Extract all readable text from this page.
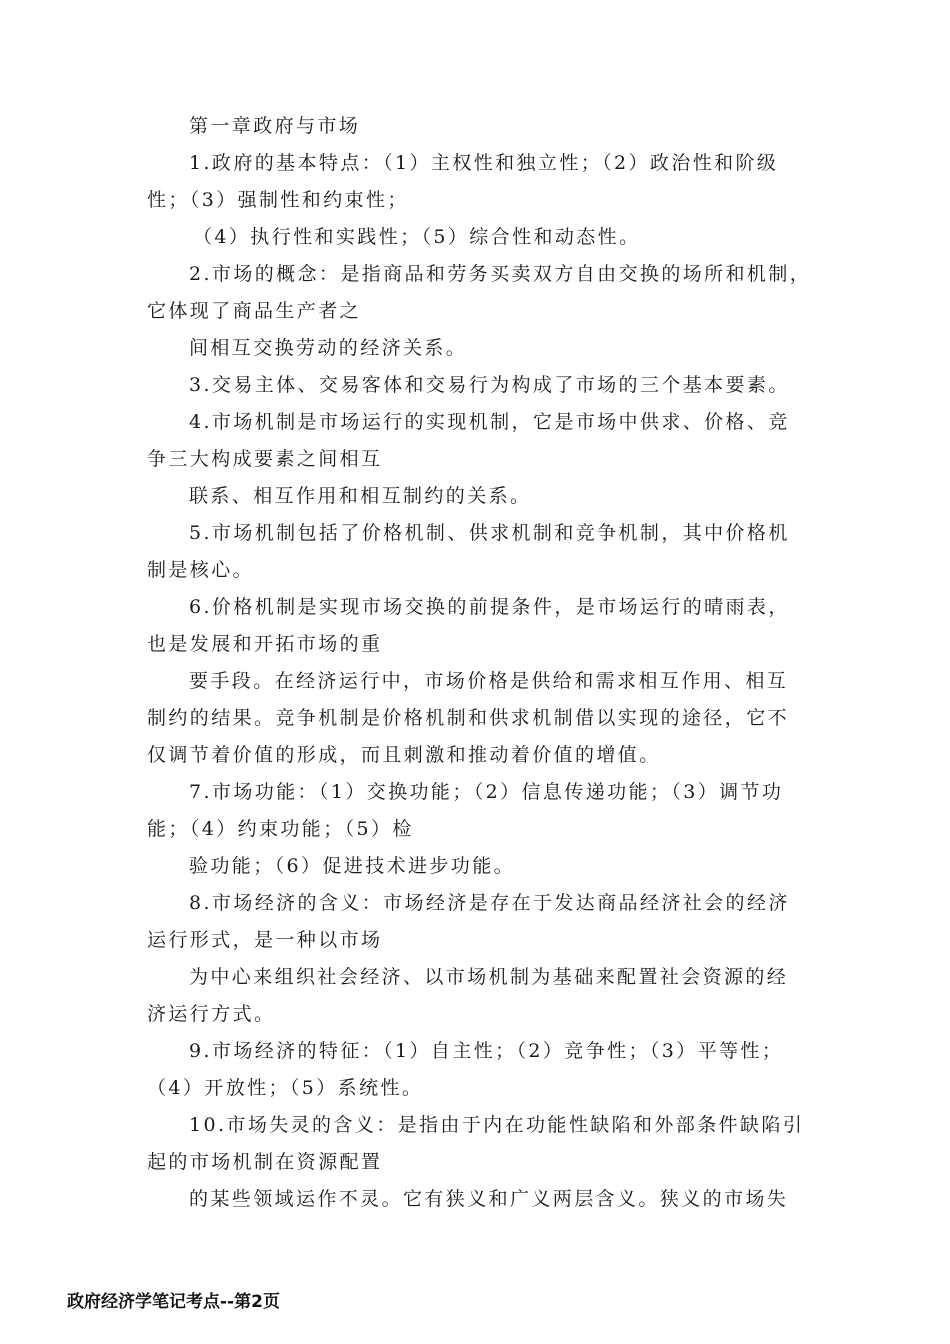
第一章政府与市场
1.政府的基本特点：（1）主权性和独立性；（2）政治性和阶级
性；（3）强制性和约束性；
（4）执行性和实践性；（5）综合性和动态性。
2.市场的概念：是指商品和劳务买卖双方自由交换的场所和机制，
它体现了商品生产者之
间相互交换劳动的经济关系。
3.交易主体、交易客体和交易行为构成了市场的三个基本要素。
4.市场机制是市场运行的实现机制，它是市场中供求、价格、竞
争三大构成要素之间相互
联系、相互作用和相互制约的关系。
5.市场机制包括了价格机制、供求机制和竞争机制，其中价格机
制是核心。
6.价格机制是实现市场交换的前提条件，是市场运行的晴雨表，
也是发展和开拓市场的重
要手段。在经济运行中，市场价格是供给和需求相互作用、相互
制约的结果。竞争机制是价格机制和供求机制借以实现的途径，它不
仅调节着价值的形成，而且刺激和推动着价值的增值。
7.市场功能：（1）交换功能；（2）信息传递功能；（3）调节功
能；（4）约束功能；（5）检
验功能；（6）促进技术进步功能。
8.市场经济的含义：市场经济是存在于发达商品经济社会的经济
运行形式，是一种以市场
为中心来组织社会经济、以市场机制为基础来配置社会资源的经
济运行方式。
9.市场经济的特征：（1）自主性；（2）竞争性；（3）平等性；
（4）开放性；（5）系统性。
10.市场失灵的含义：是指由于内在功能性缺陷和外部条件缺陷引
起的市场机制在资源配置
的某些领域运作不灵。它有狭义和广义两层含义。狭义的市场失
政府经济学笔记考点--第2页
